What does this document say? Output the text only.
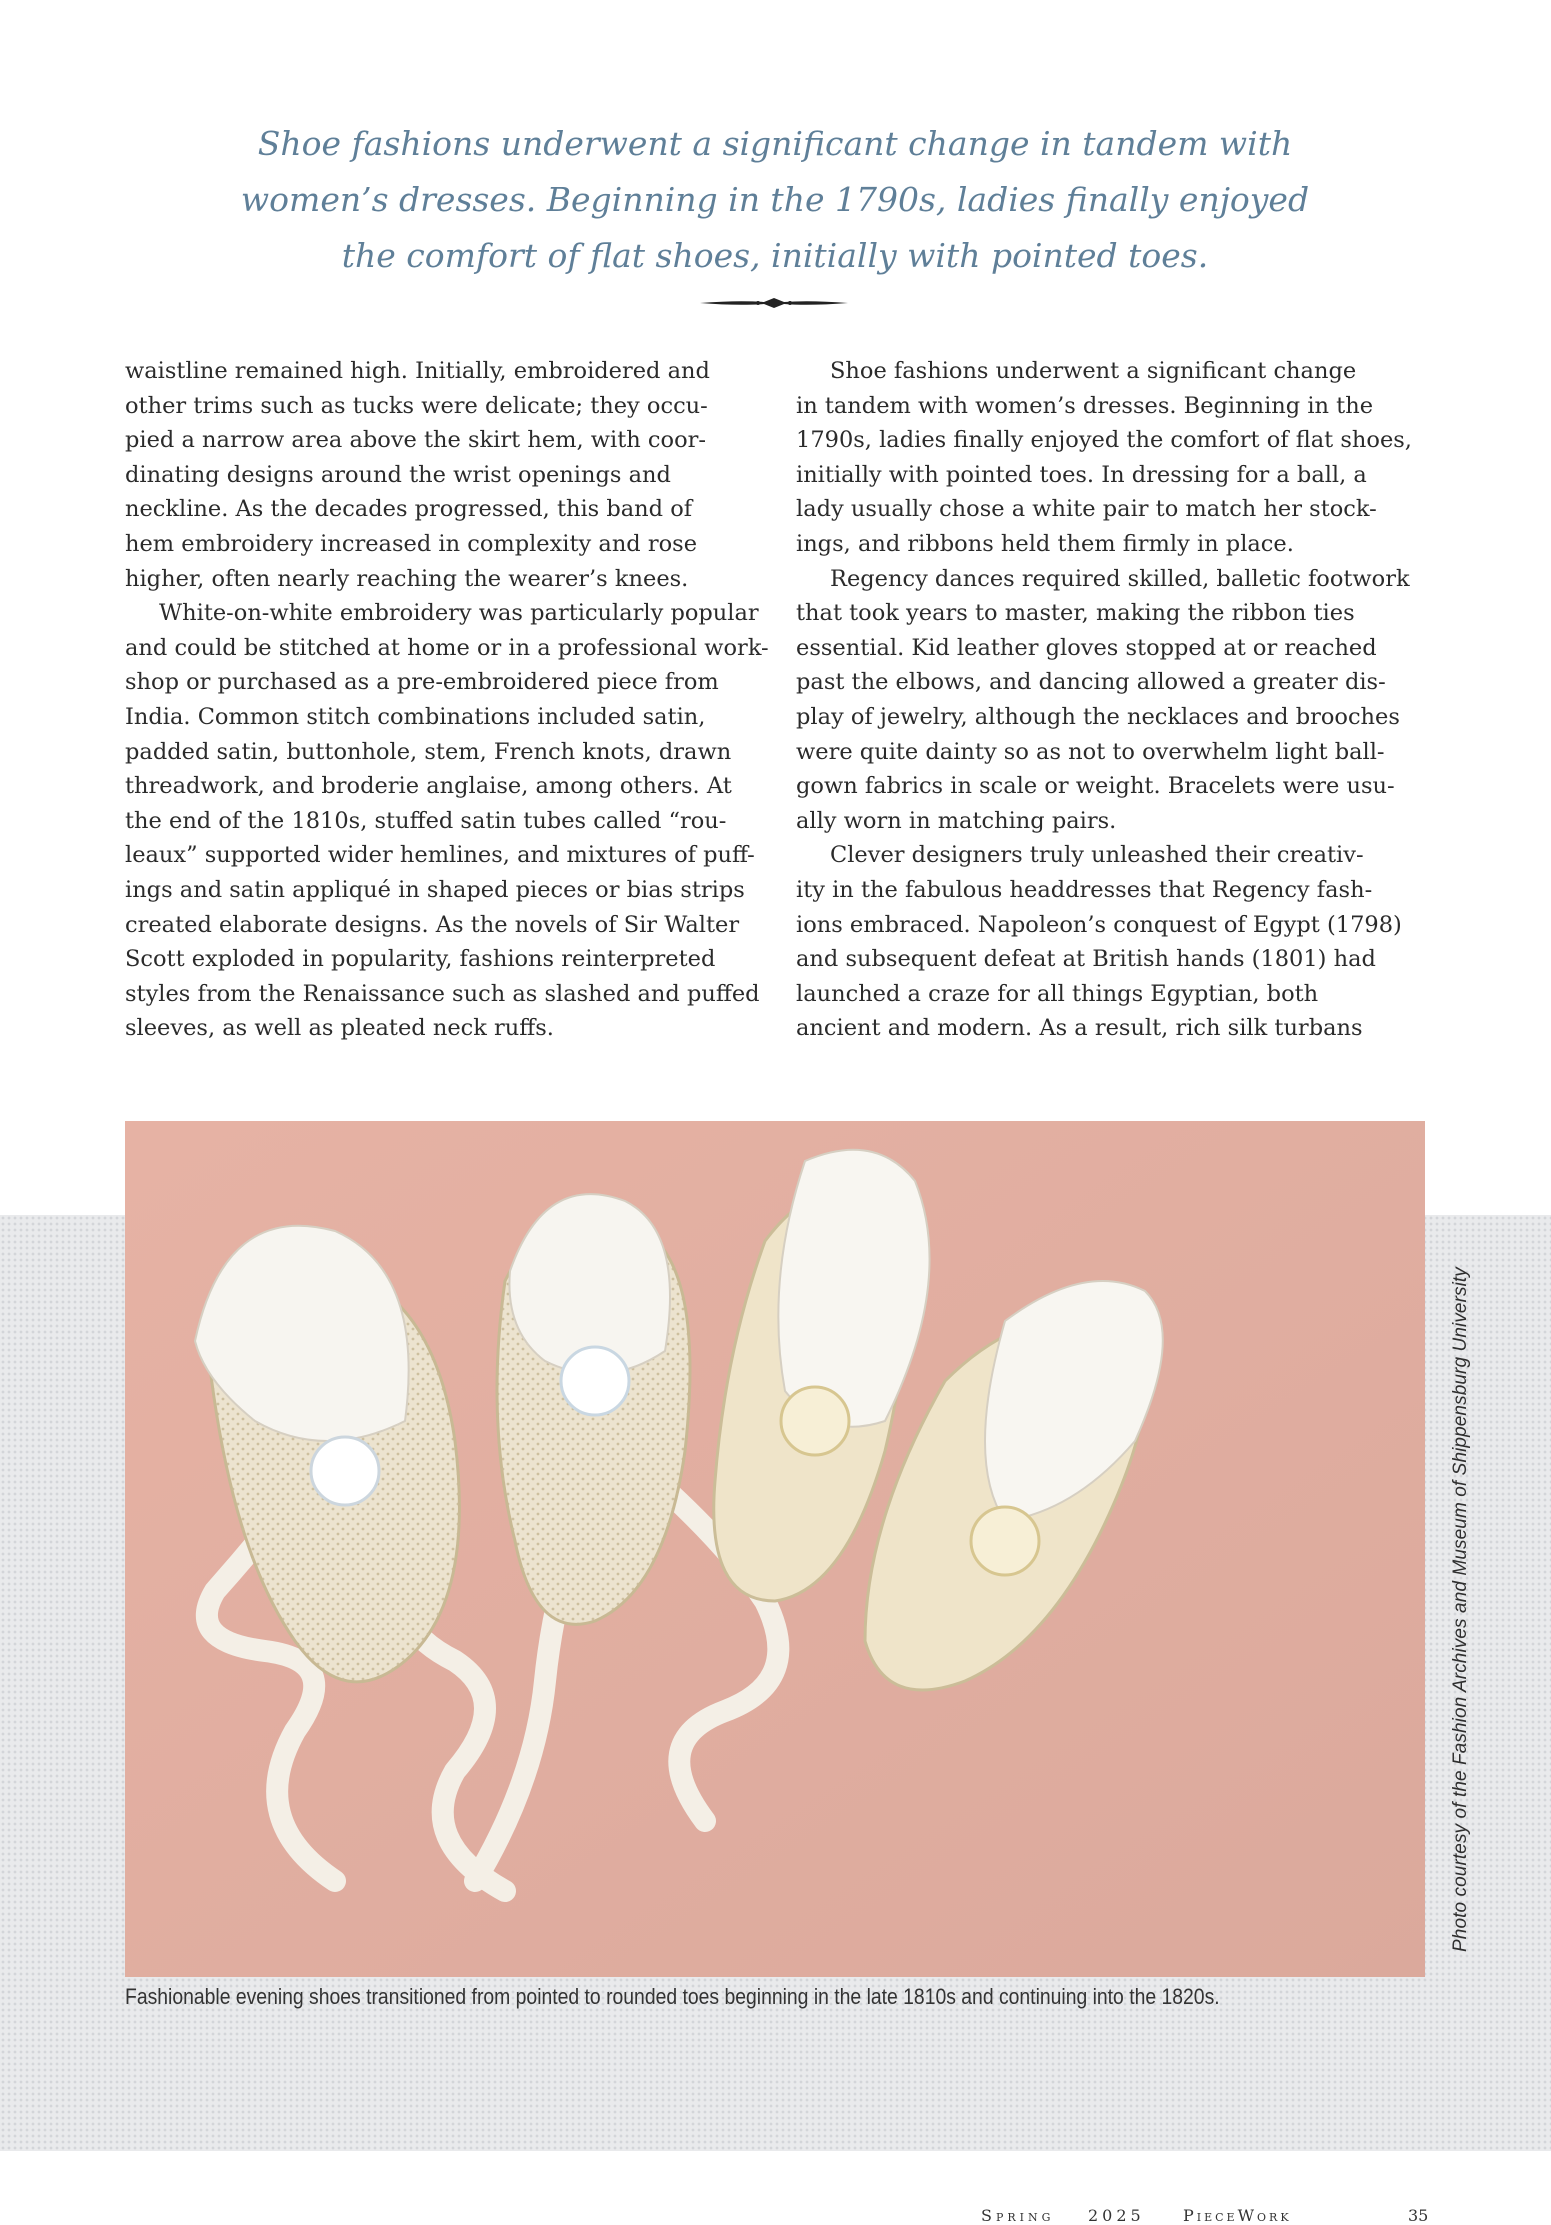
Shoe fashions underwent a significant change in tandem with
women’s dresses. Beginning in the 1790s, ladies finally enjoyed
the comfort of flat shoes, initially with pointed toes.

waistline remained high. Initially, embroidered and
other trims such as tucks were delicate; they occu-
pied a narrow area above the skirt hem, with coor-
dinating designs around the wrist openings and
neckline. As the decades progressed, this band of
hem embroidery increased in complexity and rose
higher, often nearly reaching the wearer’s knees.

White-on-white embroidery was particularly popular
and could be stitched at home or in a professional work-
shop or purchased as a pre-embroidered piece from
India. Common stitch combinations included satin,
padded satin, buttonhole, stem, French knots, drawn
threadwork, and broderie anglaise, among others. At
the end of the 1810s, stuffed satin tubes called “rou-
leaux” supported wider hemlines, and mixtures of puff-
ings and satin appliqué in shaped pieces or bias strips
created elaborate designs. As the novels of Sir Walter
Scott exploded in popularity, fashions reinterpreted
styles from the Renaissance such as slashed and puffed
sleeves, as well as pleated neck ruffs.

Shoe fashions underwent a significant change
in tandem with women’s dresses. Beginning in the
1790s, ladies finally enjoyed the comfort of flat shoes,
initially with pointed toes. In dressing for a ball, a
lady usually chose a white pair to match her stock-
ings, and ribbons held them firmly in place.

Regency dances required skilled, balletic footwork
that took years to master, making the ribbon ties
essential. Kid leather gloves stopped at or reached
past the elbows, and dancing allowed a greater dis-
play of jewelry, although the necklaces and brooches
were quite dainty so as not to overwhelm light ball-
gown fabrics in scale or weight. Bracelets were usu-
ally worn in matching pairs.

Clever designers truly unleashed their creativ-
ity in the fabulous headdresses that Regency fash-
ions embraced. Napoleon’s conquest of Egypt (1798)
and subsequent defeat at British hands (1801) had
launched a craze for all things Egyptian, both
ancient and modern. As a result, rich silk turbans

Photo courtesy of the Fashion Archives and Museum of Shippensburg University
Fashionable evening shoes transitioned from pointed to rounded toes beginning in the late 1810s and continuing into the 1820s.
Spring 2025 PieceWork	35
